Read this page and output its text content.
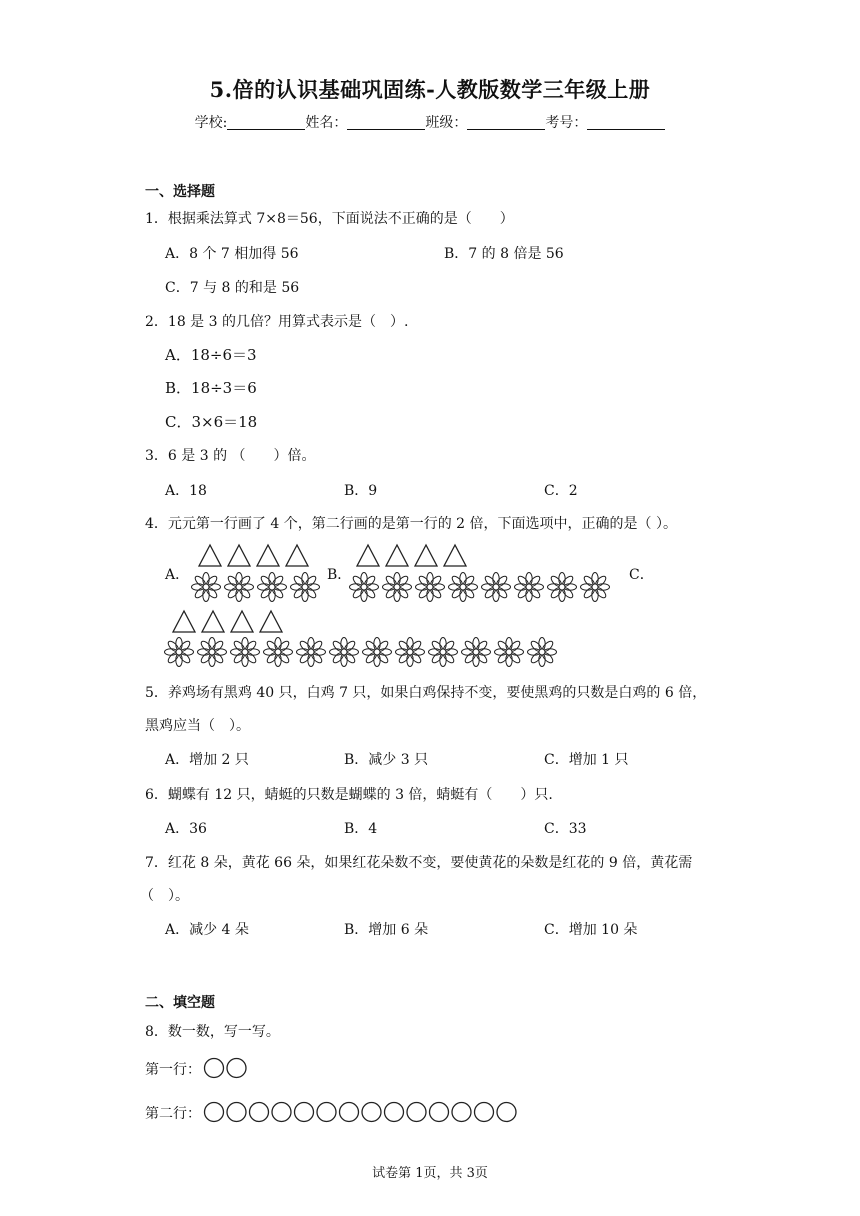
5.倍的认识基础巩固练-人教版数学三年级上册
学校:	姓名：	班级：	考号：
一、选择题
1．根据乘法算式 7×8＝56，下面说法不正确的是（　　）
A．8 个 7 相加得 56	B．7 的 8 倍是 56
C．7 与 8 的和是 56
2．18 是 3 的几倍？用算式表示是（　）.
A．18÷6＝3
B．18÷3＝6
C．3×6＝18
3．6 是 3 的 （　　）倍。
A．18	B．9	C．2
4．元元第一行画了 4 个，第二行画的是第一行的 2 倍，下面选项中，正确的是（ ）。
A．	B．	C．
5．养鸡场有黑鸡 40 只，白鸡 7 只，如果白鸡保持不变，要使黑鸡的只数是白鸡的 6 倍，
黑鸡应当（　）。
A．增加 2 只	B．减少 3 只	C．增加 1 只
6．蝴蝶有 12 只，蜻蜓的只数是蝴蝶的 3 倍，蜻蜓有（　　）只.
A．36	B．4	C．33
7．红花 8 朵，黄花 66 朵，如果红花朵数不变，要使黄花的朵数是红花的 9 倍，黄花需
（　）。
A．减少 4 朵	B．增加 6 朵	C．增加 10 朵
二、填空题
8．数一数，写一写。
第一行：
第二行：
试卷第 1页，共 3页
